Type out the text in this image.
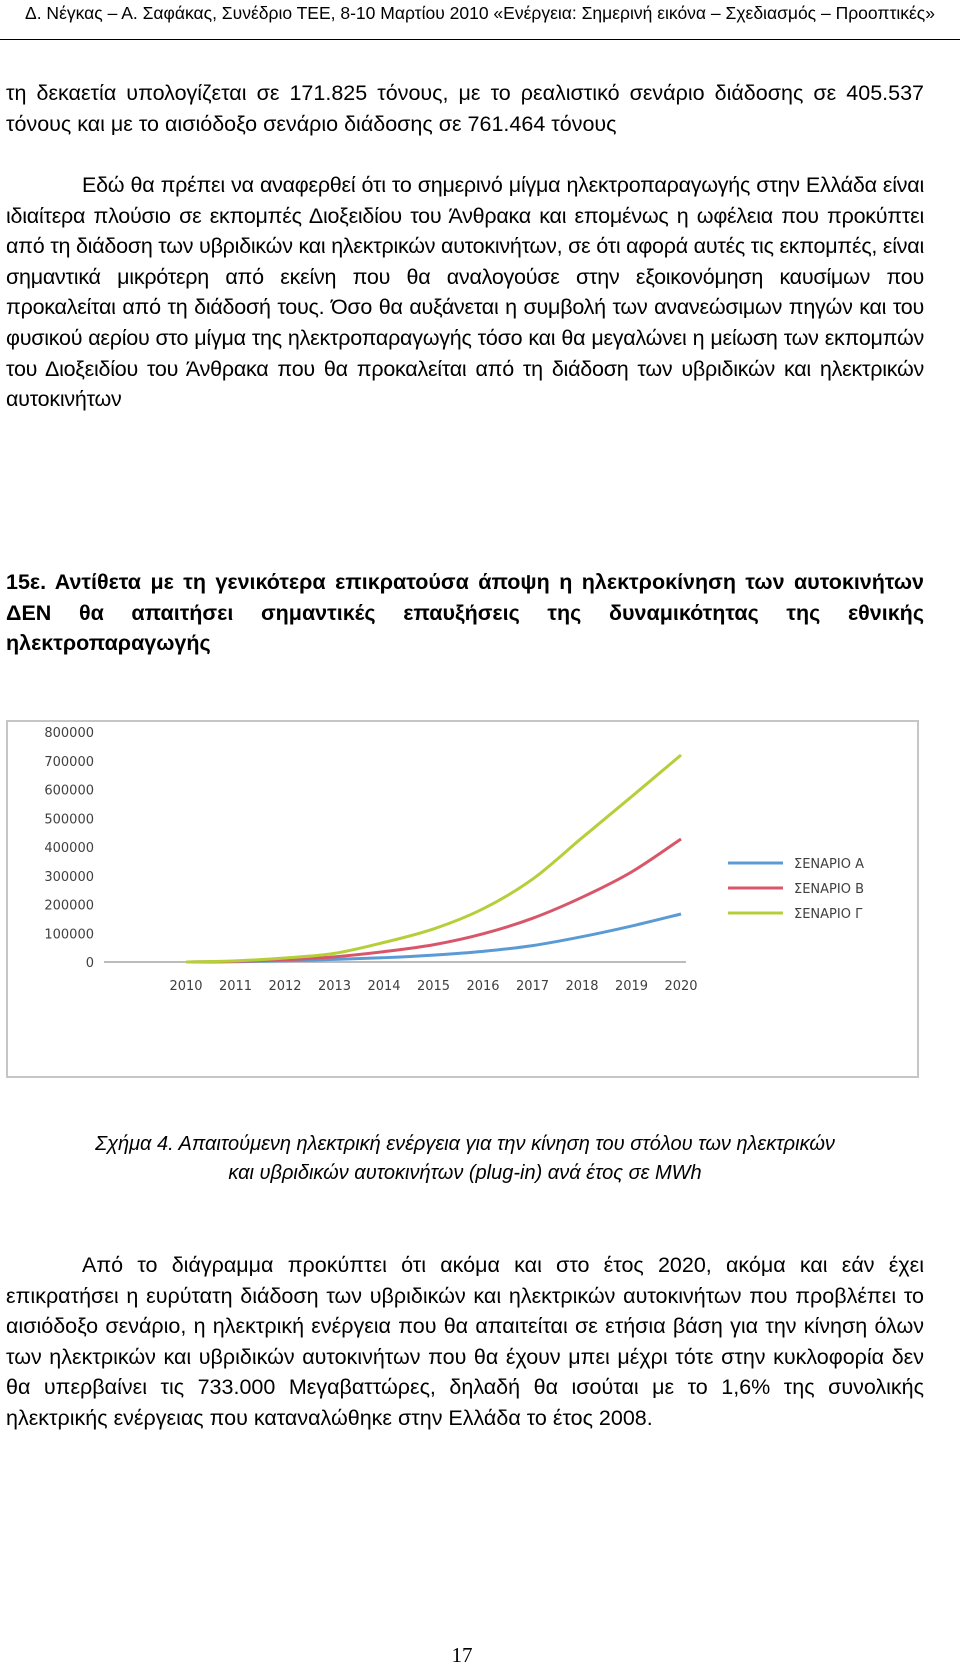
Δ. Νέγκας – Α. Σαφάκας, Συνέδριο ΤΕΕ, 8-10 Μαρτίου 2010 «Ενέργεια: Σημερινή εικόνα – Σχεδιασμός – Προοπτικές»

τη δεκαετία υπολογίζεται σε 171.825 τόνους, με το ρεαλιστικό σενάριο διάδοσης σε 405.537 τόνους και με το αισιόδοξο σενάριο διάδοσης σε 761.464 τόνους

Εδώ θα πρέπει να αναφερθεί ότι το σημερινό μίγμα ηλεκτροπαραγωγής στην Ελλάδα είναι ιδιαίτερα πλούσιο σε εκπομπές Διοξειδίου του Άνθρακα και επομένως η ωφέλεια που προκύπτει από τη διάδοση των υβριδικών και ηλεκτρικών αυτοκινήτων, σε ότι αφορά αυτές τις εκπομπές, είναι σημαντικά μικρότερη από εκείνη που θα αναλογούσε στην εξοικονόμηση καυσίμων που προκαλείται από τη διάδοσή τους. Όσο θα αυξάνεται η συμβολή των ανανεώσιμων πηγών και του φυσικού αερίου στο μίγμα της ηλεκτροπαραγωγής τόσο και θα μεγαλώνει η μείωση των εκπομπών του Διοξειδίου του Άνθρακα που θα προκαλείται από τη διάδοση των υβριδικών και ηλεκτρικών αυτοκινήτων

15ε. Αντίθετα με τη γενικότερα επικρατούσα άποψη η ηλεκτροκίνηση των αυτοκινήτων ΔΕΝ θα απαιτήσει σημαντικές επαυξήσεις της δυναμικότητας της εθνικής ηλεκτροπαραγωγής

0
100000
200000
300000
400000
500000
600000
700000
800000
2010 2011 2012 2013 2014 2015 2016 2017 2018 2019 2020
ΣΕΝΑΡΙΟ Α
ΣΕΝΑΡΙΟ Β
ΣΕΝΑΡΙΟ Γ
Σχήμα 4. Απαιτούμενη ηλεκτρική ενέργεια για την κίνηση του στόλου των ηλεκτρικών
και υβριδικών αυτοκινήτων (plug-in) ανά έτος σε MWh

Από το διάγραμμα προκύπτει ότι ακόμα και στο έτος 2020, ακόμα και εάν έχει επικρατήσει η ευρύτατη διάδοση των υβριδικών και ηλεκτρικών αυτοκινήτων που προβλέπει το αισιόδοξο σενάριο, η ηλεκτρική ενέργεια που θα απαιτείται σε ετήσια βάση για την κίνηση όλων των ηλεκτρικών και υβριδικών αυτοκινήτων που θα έχουν μπει μέχρι τότε στην κυκλοφορία δεν θα υπερβαίνει τις 733.000 Μεγαβαττώρες, δηλαδή θα ισούται με το 1,6% της συνολικής ηλεκτρικής ενέργειας που καταναλώθηκε στην Ελλάδα το έτος 2008.

17
